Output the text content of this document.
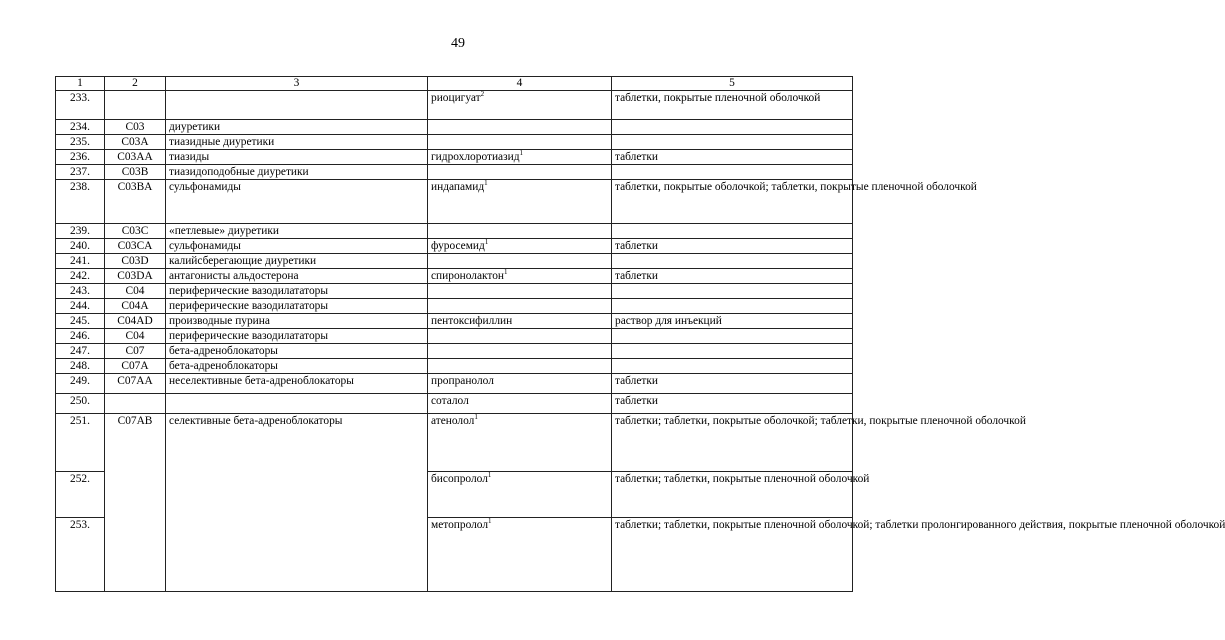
49
1	2	3	4	5
233.			риоцигуат$^2$	таблетки, покрытые пленочной оболочкой
234.	C03	диуретики		
235.	C03A	тиазидные диуретики		
236.	C03AA	тиазиды	гидрохлоротиазид$^1$	таблетки
237.	C03B	тиазидоподобные диуретики		
238.	C03BA	сульфонамиды	индапамид$^1$	таблетки, покрытые оболочкой; таблетки, покрытые пленочной оболочкой
239.	C03C	«петлевые» диуретики		
240.	C03CA	сульфонамиды	фуросемид$^1$	таблетки
241.	C03D	калийсберегающие диуретики		
242.	C03DA	антагонисты альдостерона	спиронолактон$^1$	таблетки
243.	C04	периферические вазодилататоры		
244.	C04A	периферические вазодилататоры		
245.	C04AD	производные пурина	пентоксифиллин	раствор для инъекций
246.	C04	периферические вазодилататоры		
247.	C07	бета-адреноблокаторы		
248.	C07A	бета-адреноблокаторы		
249.	C07AA	неселективные бета-адреноблокаторы	пропранолол	таблетки
250.			соталол	таблетки
251.	C07AB	селективные бета-адреноблокаторы	атенолол$^1$	таблетки; таблетки, покрытые оболочкой; таблетки, покрытые пленочной оболочкой
252.			бисопролол$^1$	таблетки; таблетки, покрытые пленочной оболочкой
253.			метопролол$^1$	таблетки; таблетки, покрытые пленочной оболочкой; таблетки пролонгированного действия, покрытые пленочной оболочкой
